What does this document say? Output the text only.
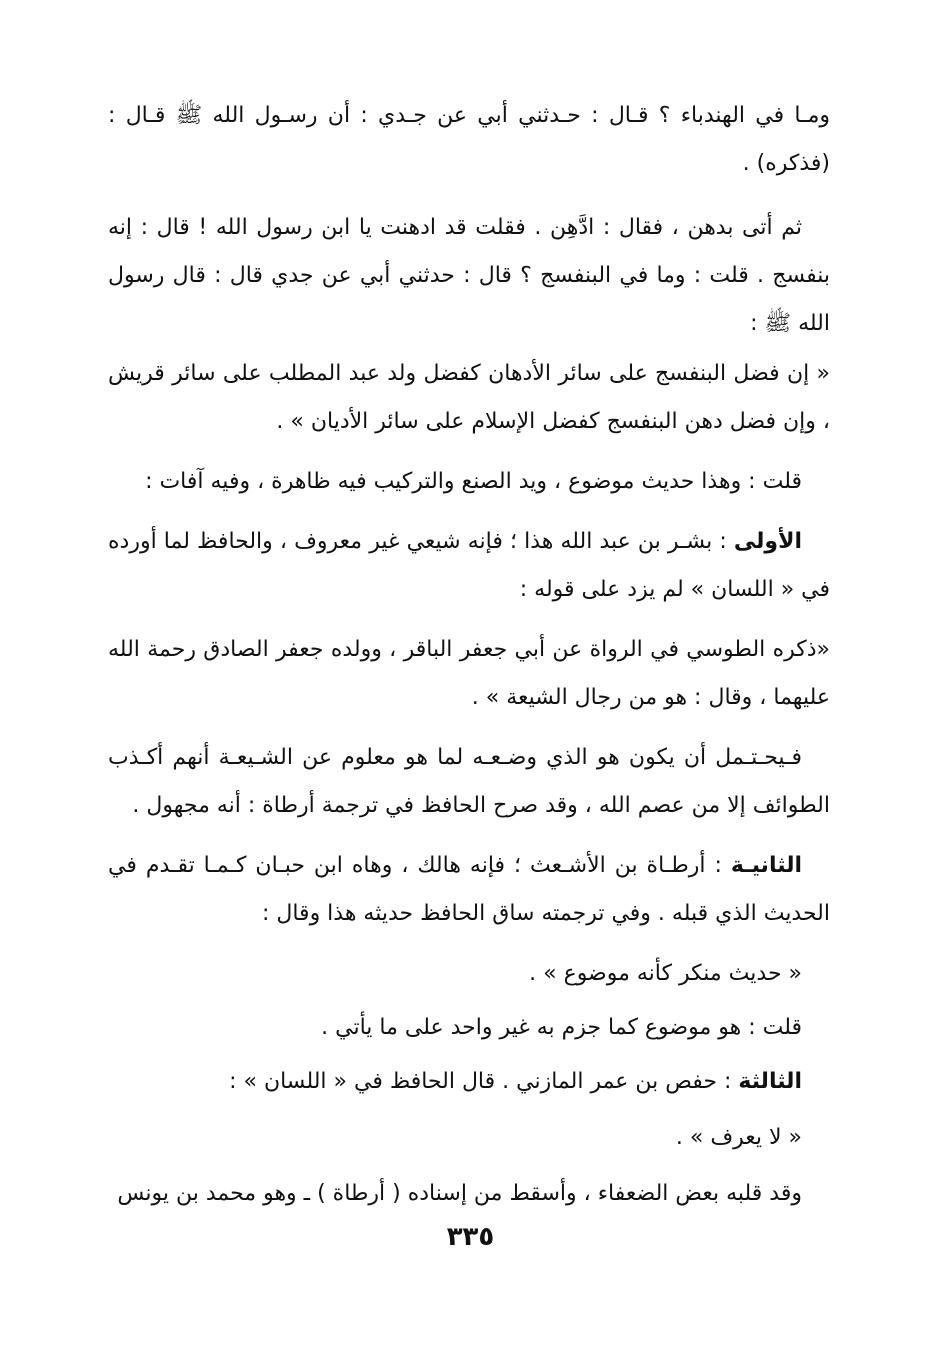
ومـا في الهندباء ؟ قـال : حـدثني أبي عن جـدي : أن رسـول الله ﷺ قـال : (فذكره) .

ثم أتى بدهن ، فقال : ادَّهِن . فقلت قد ادهنت يا ابن رسول الله ! قال : إنه بنفسج . قلت : وما في البنفسج ؟ قال : حدثني أبي عن جدي قال : قال رسول الله ﷺ :

« إن فضل البنفسج على سائر الأدهان كفضل ولد عبد المطلب على سائر قريش ، وإن فضل دهن البنفسج كفضل الإسلام على سائر الأديان » .

قلت : وهذا حديث موضوع ، ويد الصنع والتركيب فيه ظاهرة ، وفيه آفات :

الأولى : بشـر بن عبد الله هذا ؛ فإنه شيعي غير معروف ، والحافظ لما أورده في « اللسان » لم يزد على قوله :

«ذكره الطوسي في الرواة عن أبي جعفر الباقر ، وولده جعفر الصادق رحمة الله عليهما ، وقال : هو من رجال الشيعة » .

فـيحـتـمل أن يكون هو الذي وضـعـه لما هو معلوم عن الشـيعـة أنهم أكـذب الطوائف إلا من عصم الله ، وقد صرح الحافظ في ترجمة أرطاة : أنه مجهول .

الثانيـة : أرطـاة بن الأشـعث ؛ فإنه هالك ، وهاه ابن حبـان كـمـا تقـدم في الحديث الذي قبله . وفي ترجمته ساق الحافظ حديثه هذا وقال :

« حديث منكر كأنه موضوع » .

قلت : هو موضوع كما جزم به غير واحد على ما يأتي .

الثالثة : حفص بن عمر المازني . قال الحافظ في « اللسان » :

« لا يعرف » .

وقد قلبه بعض الضعفاء ، وأسقط من إسناده ( أرطاة ) ـ وهو محمد بن يونس

٣٣٥
